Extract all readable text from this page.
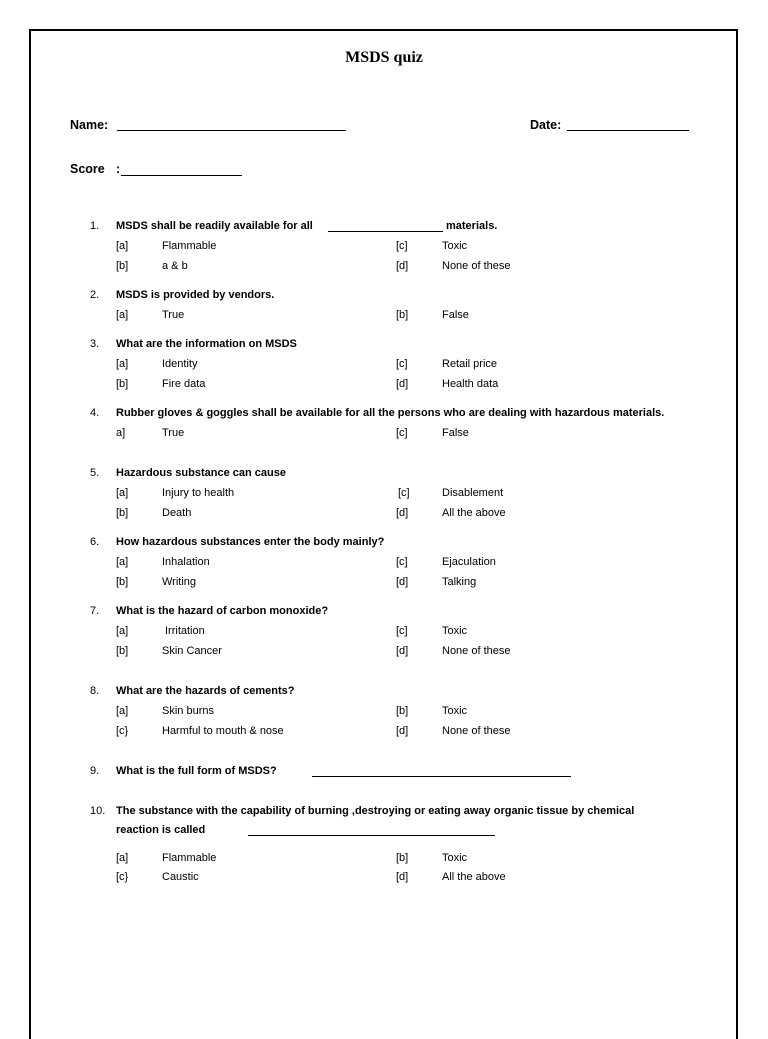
MSDS quiz
Name:	Date:
Score :
1. MSDS shall be readily available for all	materials.
[a]	Flammable	[c]	Toxic
[b]	a & b	[d]	None of these
2. MSDS is provided by vendors.
[a]	True	[b]	False
3. What are the information on MSDS
[a]	Identity	[c]	Retail price
[b]	Fire data	[d]	Health data
4. Rubber gloves & goggles shall be available for all the persons who are dealing with hazardous materials.
a]	True	[c]	False
5. Hazardous substance can cause
[a]	Injury to health	[c]	Disablement
[b]	Death	[d]	All the above
6. How hazardous substances enter the body mainly?
[a]	Inhalation	[c]	Ejaculation
[b]	Writing	[d]	Talking
7. What is the hazard of carbon monoxide?
[a]	Irritation	[c]	Toxic
[b]	Skin Cancer	[d]	None of these
8. What are the hazards of cements?
[a]	Skin burns	[b]	Toxic
[c}	Harmful to mouth & nose	[d]	None of these
9. What is the full form of MSDS?
10. The substance with the capability of burning ,destroying or eating away organic tissue by chemical
reaction is called
[a]	Flammable	[b]	Toxic
[c}	Caustic	[d]	All the above
